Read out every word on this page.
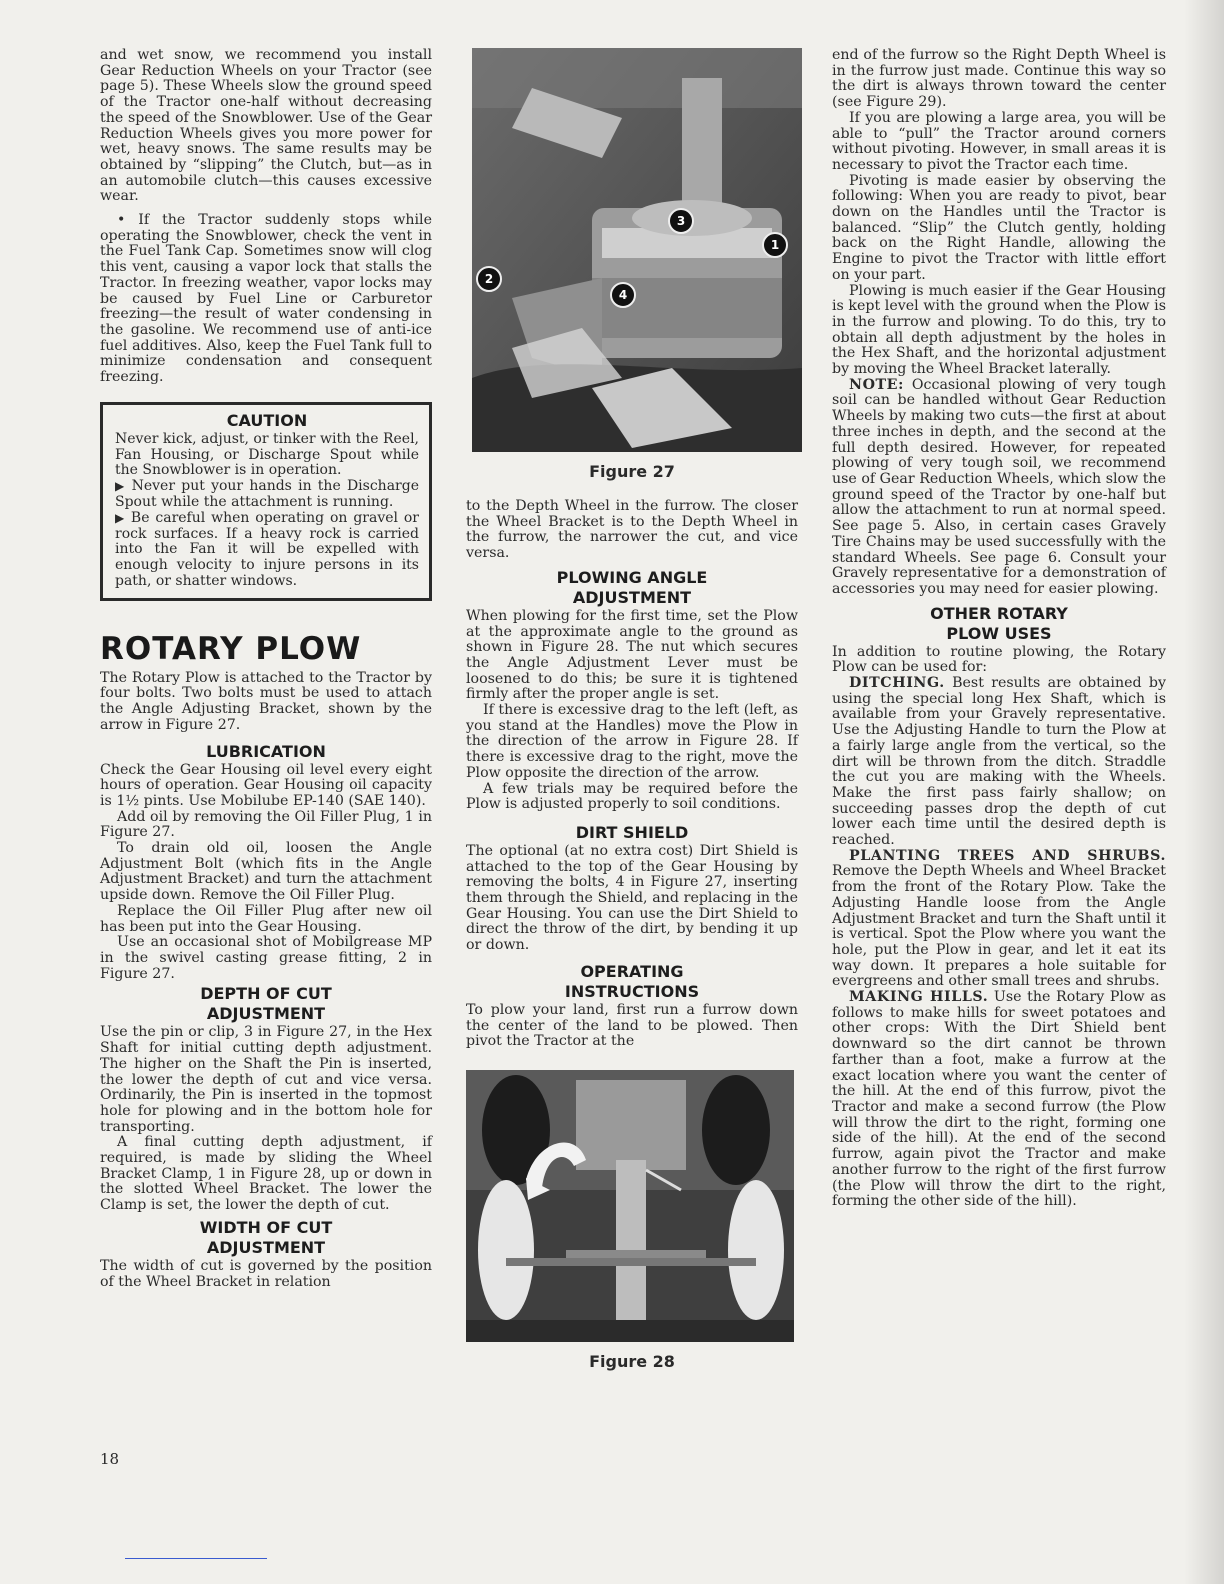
and wet snow, we recommend you install Gear Reduction Wheels on your Tractor (see page 5). These Wheels slow the ground speed of the Tractor one-half without decreasing the speed of the Snowblower. Use of the Gear Reduction Wheels gives you more power for wet, heavy snows. The same results may be obtained by “slipping” the Clutch, but—as in an automobile clutch—this causes excessive wear.

• If the Tractor suddenly stops while operating the Snowblower, check the vent in the Fuel Tank Cap. Sometimes snow will clog this vent, causing a vapor lock that stalls the Tractor. In freezing weather, vapor locks may be caused by Fuel Line or Carburetor freezing—the result of water condensing in the gasoline. We recommend use of anti-ice fuel additives. Also, keep the Fuel Tank full to minimize condensation and consequent freezing.

CAUTION

Never kick, adjust, or tinker with the Reel, Fan Housing, or Discharge Spout while the Snowblower is in operation.

▶ Never put your hands in the Discharge Spout while the attachment is running.

▶ Be careful when operating on gravel or rock surfaces. If a heavy rock is carried into the Fan it will be expelled with enough velocity to injure persons in its path, or shatter windows.

ROTARY PLOW

The Rotary Plow is attached to the Tractor by four bolts. Two bolts must be used to attach the Angle Adjusting Bracket, shown by the arrow in Figure 27.

LUBRICATION

Check the Gear Housing oil level every eight hours of operation. Gear Housing oil capacity is 1½ pints. Use Mobilube EP-140 (SAE 140).

Add oil by removing the Oil Filler Plug, 1 in Figure 27.

To drain old oil, loosen the Angle Adjustment Bolt (which fits in the Angle Adjustment Bracket) and turn the attachment upside down. Remove the Oil Filler Plug.

Replace the Oil Filler Plug after new oil has been put into the Gear Housing.

Use an occasional shot of Mobilgrease MP in the swivel casting grease fitting, 2 in Figure 27.

DEPTH OF CUT
ADJUSTMENT

Use the pin or clip, 3 in Figure 27, in the Hex Shaft for initial cutting depth adjustment. The higher on the Shaft the Pin is inserted, the lower the depth of cut and vice versa. Ordinarily, the Pin is inserted in the topmost hole for plowing and in the bottom hole for transporting.

A final cutting depth adjustment, if required, is made by sliding the Wheel Bracket Clamp, 1 in Figure 28, up or down in the slotted Wheel Bracket. The lower the Clamp is set, the lower the depth of cut.

WIDTH OF CUT
ADJUSTMENT

The width of cut is governed by the position of the Wheel Bracket in relation

1
2
3
4
Figure 27

to the Depth Wheel in the furrow. The closer the Wheel Bracket is to the Depth Wheel in the furrow, the narrower the cut, and vice versa.

PLOWING ANGLE
ADJUSTMENT

When plowing for the first time, set the Plow at the approximate angle to the ground as shown in Figure 28. The nut which secures the Angle Adjustment Lever must be loosened to do this; be sure it is tightened firmly after the proper angle is set.

If there is excessive drag to the left (left, as you stand at the Handles) move the Plow in the direction of the arrow in Figure 28. If there is excessive drag to the right, move the Plow opposite the direction of the arrow.

A few trials may be required before the Plow is adjusted properly to soil conditions.

DIRT SHIELD

The optional (at no extra cost) Dirt Shield is attached to the top of the Gear Housing by removing the bolts, 4 in Figure 27, inserting them through the Shield, and replacing in the Gear Housing. You can use the Dirt Shield to direct the throw of the dirt, by bending it up or down.

OPERATING
INSTRUCTIONS

To plow your land, first run a furrow down the center of the land to be plowed. Then pivot the Tractor at the

Figure 28

end of the furrow so the Right Depth Wheel is in the furrow just made. Continue this way so the dirt is always thrown toward the center (see Figure 29).

If you are plowing a large area, you will be able to “pull” the Tractor around corners without pivoting. However, in small areas it is necessary to pivot the Tractor each time.

Pivoting is made easier by observing the following: When you are ready to pivot, bear down on the Handles until the Tractor is balanced. “Slip” the Clutch gently, holding back on the Right Handle, allowing the Engine to pivot the Tractor with little effort on your part.

Plowing is much easier if the Gear Housing is kept level with the ground when the Plow is in the furrow and plowing. To do this, try to obtain all depth adjustment by the holes in the Hex Shaft, and the horizontal adjustment by moving the Wheel Bracket laterally.

NOTE: Occasional plowing of very tough soil can be handled without Gear Reduction Wheels by making two cuts—the first at about three inches in depth, and the second at the full depth desired. However, for repeated plowing of very tough soil, we recommend use of Gear Reduction Wheels, which slow the ground speed of the Tractor by one-half but allow the attachment to run at normal speed. See page 5. Also, in certain cases Gravely Tire Chains may be used successfully with the standard Wheels. See page 6. Consult your Gravely representative for a demonstration of accessories you may need for easier plowing.

OTHER ROTARY
PLOW USES

In addition to routine plowing, the Rotary Plow can be used for:

DITCHING. Best results are obtained by using the special long Hex Shaft, which is available from your Gravely representative. Use the Adjusting Handle to turn the Plow at a fairly large angle from the vertical, so the dirt will be thrown from the ditch. Straddle the cut you are making with the Wheels. Make the first pass fairly shallow; on succeeding passes drop the depth of cut lower each time until the desired depth is reached.

PLANTING TREES AND SHRUBS. Remove the Depth Wheels and Wheel Bracket from the front of the Rotary Plow. Take the Adjusting Handle loose from the Angle Adjustment Bracket and turn the Shaft until it is vertical. Spot the Plow where you want the hole, put the Plow in gear, and let it eat its way down. It prepares a hole suitable for evergreens and other small trees and shrubs.

MAKING HILLS. Use the Rotary Plow as follows to make hills for sweet potatoes and other crops: With the Dirt Shield bent downward so the dirt cannot be thrown farther than a foot, make a furrow at the exact location where you want the center of the hill. At the end of this furrow, pivot the Tractor and make a second furrow (the Plow will throw the dirt to the right, forming one side of the hill). At the end of the second furrow, again pivot the Tractor and make another furrow to the right of the first furrow (the Plow will throw the dirt to the right, forming the other side of the hill).

18
